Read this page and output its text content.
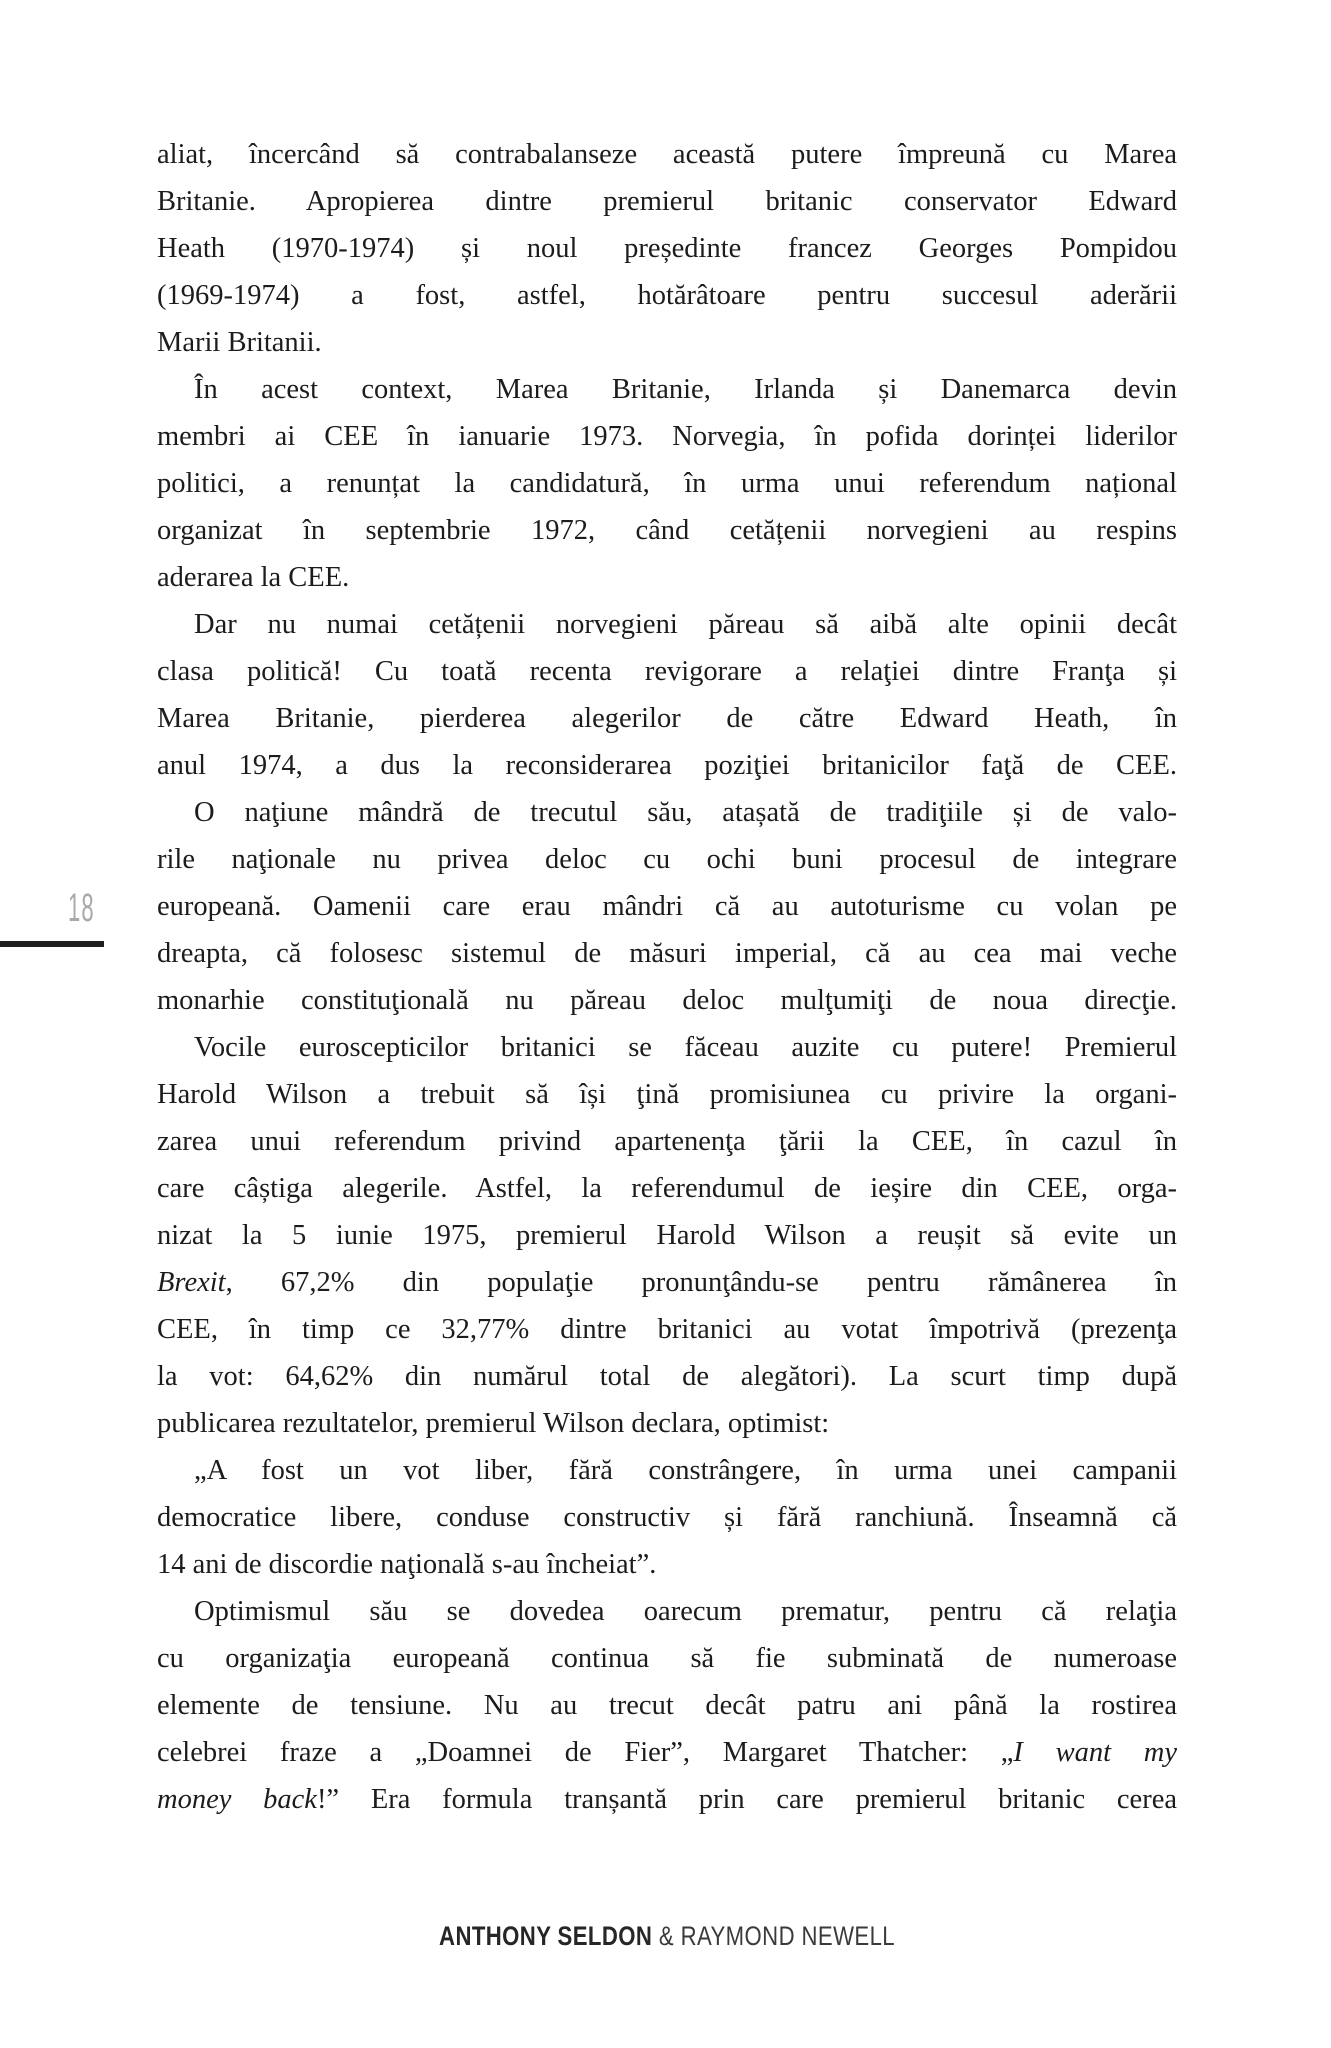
aliat, încercând să contrabalanseze această putere împreună cu Marea
Britanie. Apropierea dintre premierul britanic conservator Edward
Heath (1970-1974) și noul președinte francez Georges Pompidou
(1969-1974) a fost, astfel, hotărâtoare pentru succesul aderării
Marii Britanii.
În acest context, Marea Britanie, Irlanda și Danemarca devin
membri ai CEE în ianuarie 1973. Norvegia, în pofida dorinței liderilor
politici, a renunțat la candidatură, în urma unui referendum național
organizat în septembrie 1972, când cetățenii norvegieni au respins
aderarea la CEE.
Dar nu numai cetățenii norvegieni păreau să aibă alte opinii decât
clasa politică! Cu toată recenta revigorare a relaţiei dintre Franţa și
Marea Britanie, pierderea alegerilor de către Edward Heath, în
anul 1974, a dus la reconsiderarea poziţiei britanicilor faţă de CEE.
O naţiune mândră de trecutul său, atașată de tradiţiile și de valo-
rile naţionale nu privea deloc cu ochi buni procesul de integrare
europeană. Oamenii care erau mândri că au autoturisme cu volan pe
dreapta, că folosesc sistemul de măsuri imperial, că au cea mai veche
monarhie constituţională nu păreau deloc mulţumiţi de noua direcţie.
Vocile euroscepticilor britanici se făceau auzite cu putere! Premierul
Harold Wilson a trebuit să își ţină promisiunea cu privire la organi-
zarea unui referendum privind apartenenţa ţării la CEE, în cazul în
care câștiga alegerile. Astfel, la referendumul de ieșire din CEE, orga-
nizat la 5 iunie 1975, premierul Harold Wilson a reușit să evite un
Brexit, 67,2% din populaţie pronunţându-se pentru rămânerea în
CEE, în timp ce 32,77% dintre britanici au votat împotrivă (prezenţa
la vot: 64,62% din numărul total de alegători). La scurt timp după
publicarea rezultatelor, premierul Wilson declara, optimist:
„A fost un vot liber, fără constrângere, în urma unei campanii
democratice libere, conduse constructiv și fără ranchiună. Înseamnă că
14 ani de discordie naţională s-au încheiat”.
Optimismul său se dovedea oarecum prematur, pentru că relaţia
cu organizaţia europeană continua să fie subminată de numeroase
elemente de tensiune. Nu au trecut decât patru ani până la rostirea
celebrei fraze a „Doamnei de Fier”, Margaret Thatcher: „I want my
money back!” Era formula tranșantă prin care premierul britanic cerea
18
ANTHONY SELDON & RAYMOND NEWELL
